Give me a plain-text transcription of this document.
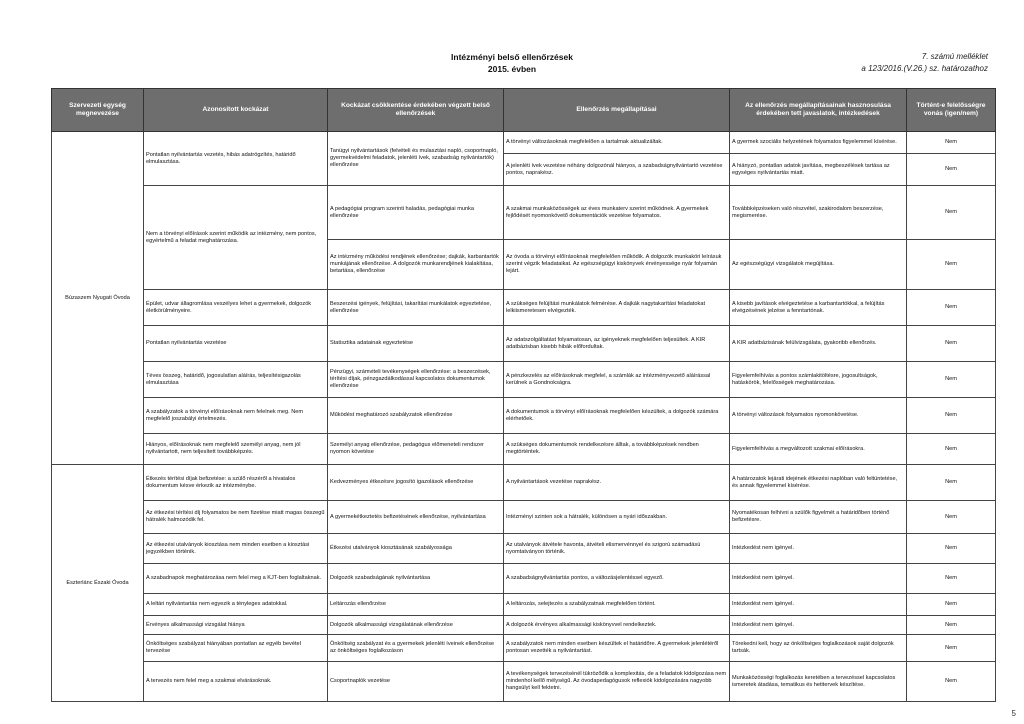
Intézményi belső ellenőrzések
2015. évben
7. számú melléklet
a 123/2016.(V.26.) sz. határozathoz
Szervezeti egység megnevezése	Azonosított kockázat	Kockázat csökkentése érdekében végzett belső ellenőrzések	Ellenőrzés megállapításai	Az ellenőrzés megállapításainak hasznosulása érdekében tett javaslatok, intézkedések	Történt-e felelősségre vonás (igen/nem)
Búzaszem Nyugati Óvoda	Pontatlan nyilvántartás vezetés, hibás adatrögzítés, határidő elmulasztása.	Tanügyi nyilvántartások (felvételi és mulasztási napló, csoportnapló, gyermekvédelmi feladatok, jelenléti ívek, szabadság nyilvántartók) ellenőrzése	A törvényi változásoknak megfelelően a tartalmak aktualizáltak.	A gyermek szociális helyzetének folyamatos figyelemmel kísérése.	Nem
			A jelenléti ívek vezetése néhány dolgozónál hiányos, a szabadságnyilvántartó vezetése pontos, naprakész.	A hiányzó, pontatlan adatok javítása, megbeszélések tartása az egységes nyilvántartás miatt.	Nem
	Nem a törvényi előírások szerint működik az intézmény, nem pontos, egyértelmű a feladat meghatározása.	A pedagógiai program szerinti haladás, pedagógiai munka ellenőrzése	A szakmai munkaközösségek az éves munkaterv szerint működnek. A gyermekek fejlődését nyomonkövető dokumentációk vezetése folyamatos.	Továbbképzéseken való részvétel, szakirodalom beszerzése, megismerése.	Nem
		Az intézmény működési rendjének ellenőrzése; dajkák, karbantartók munkájának ellenőrzése. A dolgozók munkarendjének kialakítása, betartása, ellenőrzése	Az óvoda a törvényi előírásoknak megfelelően működik. A dolgozók munkaköri leírásuk szerint végzik feladataikat. Az egészségügyi kiskönyvek érvényessége nyár folyamán lejárt.	Az egészségügyi vizsgálatok megújítása.	Nem
	Épület, udvar állagromlása veszélyes lehet a gyermekek, dolgozók életkörülményeire.	Beszerzési igények, felújítási, takarítási munkálatok egyeztetése, ellenőrzése	A szükséges felújítási munkálatok felmérése. A dajkák nagytakarítási feladatokat lelkiismeretesen elvégezték.	A kisebb javítások elvégeztetése a karbantartókkal, a felújítás elvégzésének jelzése a fenntartónak.	Nem
	Pontatlan nyilvántartás vezetése	Statisztika adatainak egyeztetése	Az adatszolgáltatást folyamatosan, az igényeknek megfelelően teljesültek. A KIR adatbázisban kisebb hibák előfordultak.	A KIR adatbázisának felülvizsgálata, gyakoribb ellenőrzés.	Nem
	Téves összeg, határidő, jogosulatlan aláírás, teljesítésigazolás elmulasztása	Pénzügyi, számviteli tevékenységek ellenőrzése: a beszerzések, térítési díjak, pénzgazdálkodással kapcsolatos dokumentumok ellenőrzése	A pénzkezelés az előírásoknak megfelel, a számlák az intézményvezető aláírással kerülnek a Gondnokságra.	Figyelemfelhívás a pontos számlakitöltésre, jogosultságok, hatáskörök, felelősségek meghatározása.	Nem
	A szabályzatok a törvényi előírásoknak nem felelnek meg. Nem megfelelő joszabályi értelmezés.	Működést meghatározó szabályzatok ellenőrzése	A dokumentumok a törvényi előírásoknak megfelelően készültek, a dolgozók számára elérhetőek.	A törvényi változások folyamatos nyomonkövetése.	Nem
	Hiányos, előírásoknak nem megfelelő személyi anyag, nem jól nyilvántartott, nem teljesített továbbképzés.	Személyi anyag ellenőrzése, pedagógus előmeneteli rendszer nyomon követése	A szükséges dokumentumok rendelkezésre álltak, a továbbképzések rendben megtörténtek.	Figyelemfelhívás a megváltozott szakmai előírásokra.	Nem
Eszterlánc Északi Óvoda	Étkezés térítési díjak befizetése: a szülő részéről a hivatalos dokumentum késve érkezik az intézménybe.	Kedvezményes étkezésre jogosító igazolások ellenőrzése	A nyilvántartások vezetése naprakész.	A határozatok lejárati idejének étkezési naplóban való feltüntetése, és annak figyelemmel kísérése.	Nem
	Az étkezési térítési díj folyamatos be nem fizetése miatt magas összegű hátralék halmozódik fel.	A gyermekétkeztetés befizetésének ellenőrzése, nyilvántartása	Intézményi szinten sok a hátralék, különösen a nyári időszakban.	Nyomatékosan felhívni a szülők figyelmét a határidőben történő befizetésre.	Nem
	Az étkezési utalványok kiosztása nem minden esetben a kiosztási jegyzékben történik.	Étkezési utalványok kiosztásának szabályossága	Az utalványok átvétele havonta, átvételi elismervénnyel és szigorú számadású nyomtatványon történik.	Intézkedést nem igényel.	Nem
	A szabadnapok meghatározása nem felel meg a KJT-ben foglaltaknak.	Dolgozók szabadságának nyilvántartása	A szabadságnyilvántartás pontos, a változásjelentéssel egyező.	Intézkedést nem igényel.	Nem
	A leltári nyilvántartás nem egyezik a tényleges adatokkal.	Leltározás ellenőrzése	A leltározás, selejtezés a szabályzatnak megfelelően történt.	Intézkedést nem igényel.	Nem
	Érvényes alkalmassági vizsgálat hiánya	Dolgozók alkalmassági vizsgálatának ellenőrzése	A dolgozók érvényes alkalmassági kiskönyvvel rendelkeztek.	Intézkedést nem igényel.	Nem
	Önköltséges szabályzat hiányában pontatlan az egyéb bevétel tervezése	Önköltség szabályzat és a gyermekek jelenléti íveinek ellenőrzése az önköltséges foglalkozáson	A szabályzatok nem minden esetben készültek el határidőre. A gyermekek jelenlétéről pontosan vezették a nyilvántartást.	Törekedni kell, hogy az önköltséges foglalkozások saját dolgozók tartsák.	Nem
	A tervezés nem felel meg a szakmai elvárásoknak.	Csoportnaplók vezetése	A tevékenységek tervezésénél tükröződik a komplexitás, de a feladatok kidolgozása nem mindenhol kellő mélységű. Az óvodapedagógusok reflexiók kidolgozására nagyobb hangsúlyt kell fektetni.	Munkaközösségi foglalkozás keretében a tervezéssel kapcsolatos ismeretek átadása, tematikus és hetitervek készítése.	Nem
5
